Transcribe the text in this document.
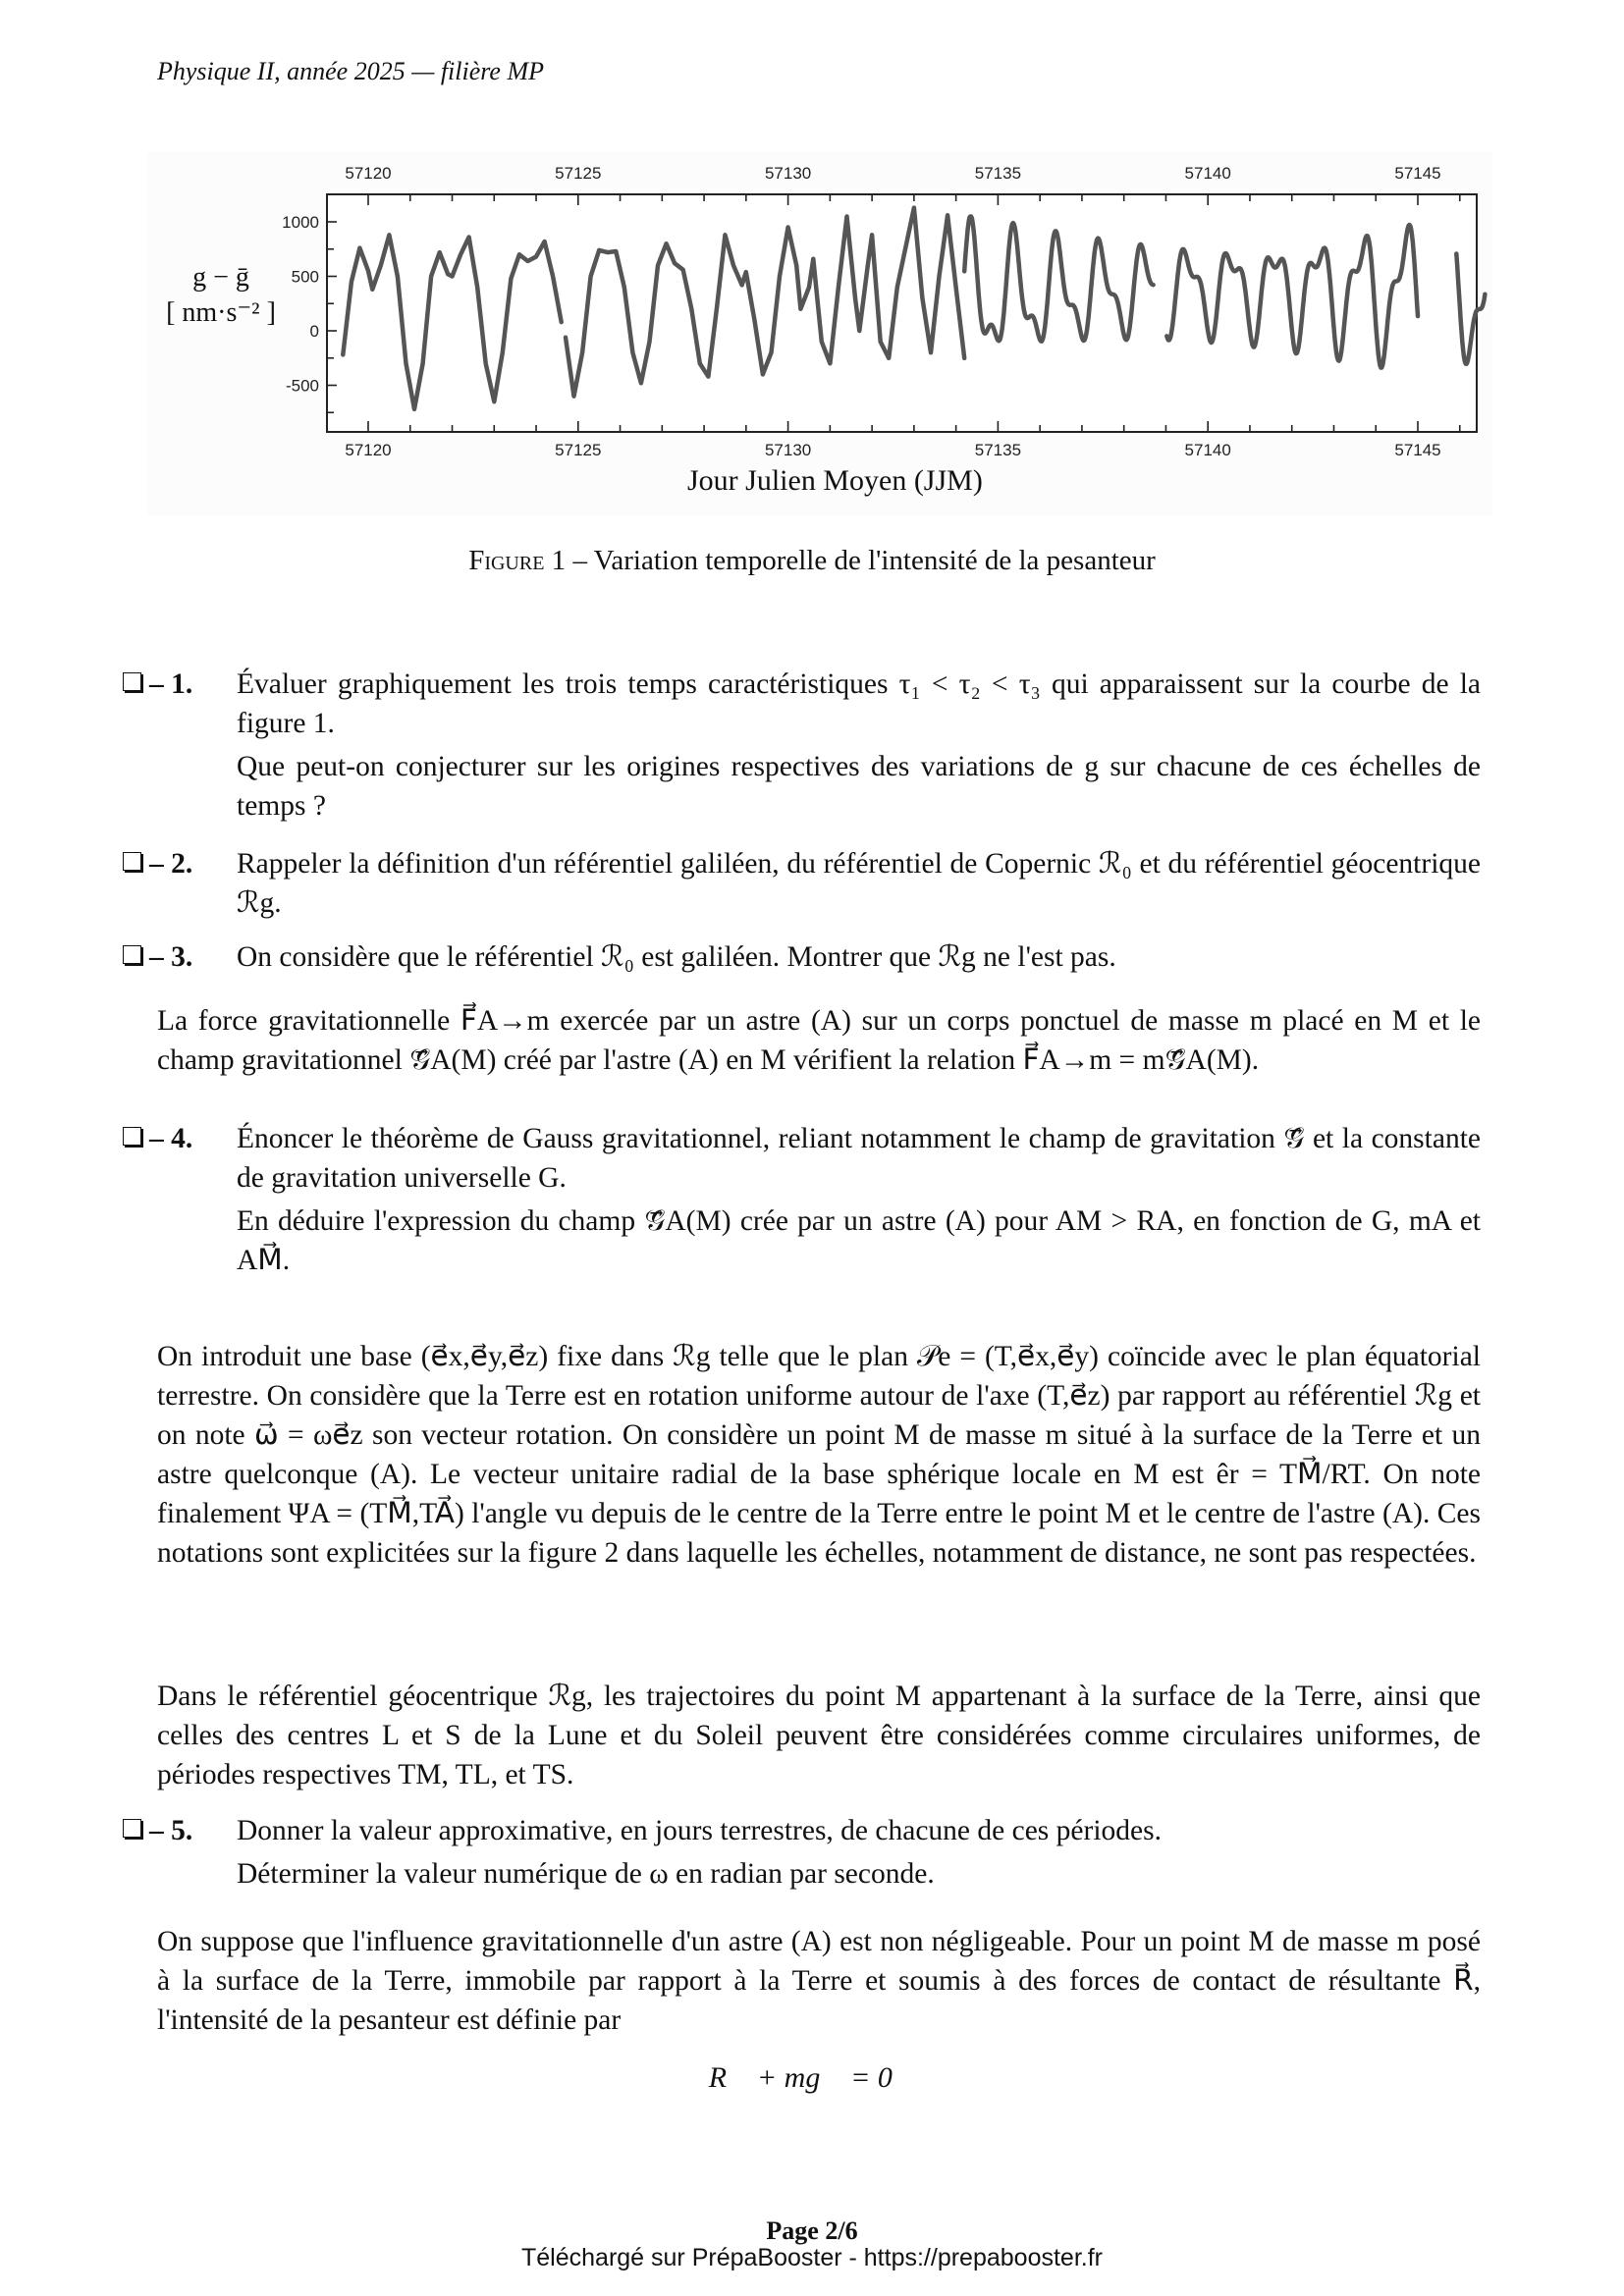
Physique II, année 2025 — filière MP
57120
57120
57125
57125
57130
57130
57135
57135
57140
57140
57145
57145
1000
500
0
-500
g − ḡ
[ nm·s⁻² ]
Jour Julien Moyen (JJM)
Figure 1 – Variation temporelle de l'intensité de la pesanteur
– 1. Évaluer graphiquement les trois temps caractéristiques τ₁ < τ₂ < τ₃ qui apparaissent sur la courbe de la figure 1.

Que peut-on conjecturer sur les origines respectives des variations de g sur chacune de ces échelles de temps ?

– 2. Rappeler la définition d'un référentiel galiléen, du référentiel de Copernic ℛ₀ et du référentiel géocentrique ℛg.

– 3. On considère que le référentiel ℛ₀ est galiléen. Montrer que ℛg ne l'est pas.

La force gravitationnelle F⃗A→m exercée par un astre (A) sur un corps ponctuel de masse m placé en M et le champ gravitationnel 𝒢⃗A(M) créé par l'astre (A) en M vérifient la relation F⃗A→m = m𝒢⃗A(M).

– 4. Énoncer le théorème de Gauss gravitationnel, reliant notamment le champ de gravitation 𝒢⃗ et la constante de gravitation universelle G.

En déduire l'expression du champ 𝒢⃗A(M) crée par un astre (A) pour AM > RA, en fonction de G, mA et AM⃗.

On introduit une base (e⃗x,e⃗y,e⃗z) fixe dans ℛg telle que le plan 𝒫e = (T,e⃗x,e⃗y) coïncide avec le plan équatorial terrestre. On considère que la Terre est en rotation uniforme autour de l'axe (T,e⃗z) par rapport au référentiel ℛg et on note ω⃗ = ωe⃗z son vecteur rotation. On considère un point M de masse m situé à la surface de la Terre et un astre quelconque (A). Le vecteur unitaire radial de la base sphérique locale en M est êr = TM⃗/RT. On note finalement ΨA = (TM⃗,TA⃗) l'angle vu depuis de le centre de la Terre entre le point M et le centre de l'astre (A). Ces notations sont explicitées sur la figure 2 dans laquelle les échelles, notamment de distance, ne sont pas respectées.

Dans le référentiel géocentrique ℛg, les trajectoires du point M appartenant à la surface de la Terre, ainsi que celles des centres L et S de la Lune et du Soleil peuvent être considérées comme circulaires uniformes, de périodes respectives TM, TL, et TS.

– 5. Donner la valeur approximative, en jours terrestres, de chacune de ces périodes.

Déterminer la valeur numérique de ω en radian par seconde.

On suppose que l'influence gravitationnelle d'un astre (A) est non négligeable. Pour un point M de masse m posé à la surface de la Terre, immobile par rapport à la Terre et soumis à des forces de contact de résultante R⃗, l'intensité de la pesanteur est définie par

R⃗ + mg⃗ = 0⃗
Page 2/6
Téléchargé sur PrépaBooster - https://prepabooster.fr
